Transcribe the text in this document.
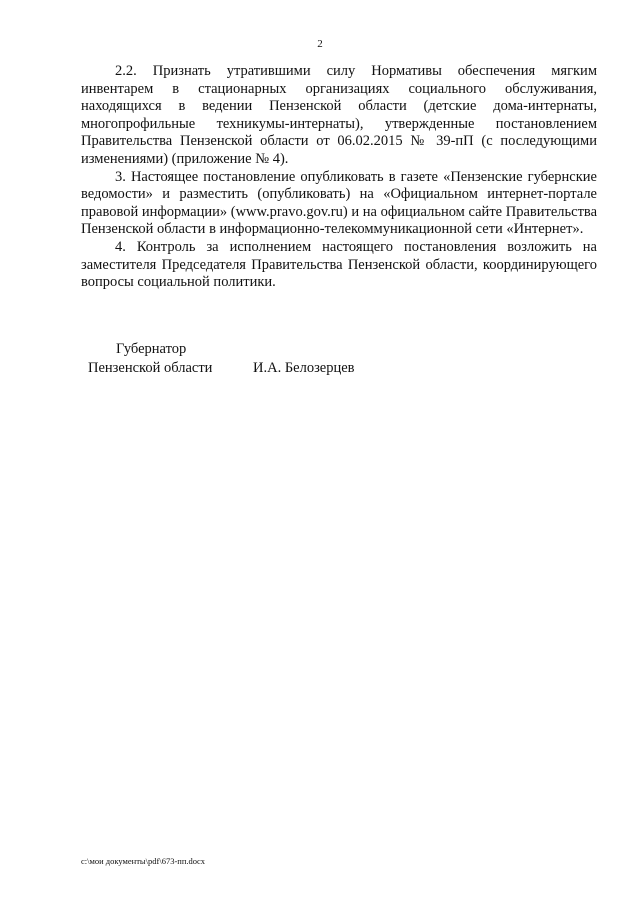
2

2.2. Признать утратившими силу Нормативы обеспечения мягким инвентарем в стационарных организациях социального обслуживания, находящихся в ведении Пензенской области (детские дома-интернаты, многопрофильные техникумы-интернаты), утвержденные постановлением Правительства Пензенской области от 06.02.2015 № 39-пП (с последующими изменениями) (приложение № 4).

3. Настоящее постановление опубликовать в газете «Пензенские губернские ведомости» и разместить (опубликовать) на «Официальном интернет-портале правовой информации» (www.pravo.gov.ru) и на официальном сайте Правительства Пензенской области в информационно-телекоммуникационной сети «Интернет».

4. Контроль за исполнением настоящего постановления возложить на заместителя Председателя Правительства Пензенской области, координирующего вопросы социальной политики.

Губернатор
Пензенской области	И.А. Белозерцев
c:\мои документы\pdf\673-пп.docx
